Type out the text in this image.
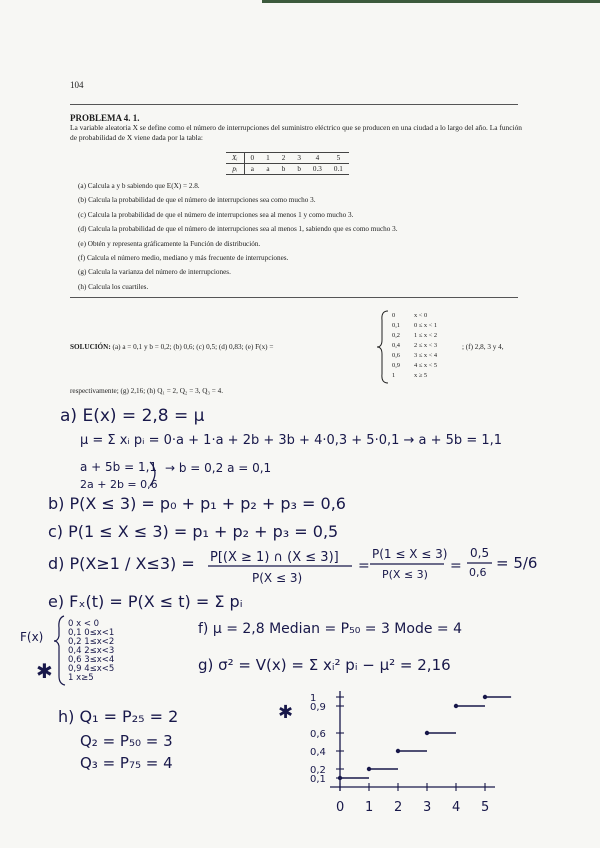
104
PROBLEMA 4. 1.
La variable aleatoria X se define como el número de interrupciones del suministro eléctrico que se producen en una ciudad a lo largo del año. La función de probabilidad de X viene dada por la tabla:
Xᵢ	0	1	2	3	4	5
pᵢ	a	a	b	b	0.3	0.1
(a) Calcula a y b sabiendo que E(X) = 2.8.
(b) Calcula la probabilidad de que el número de interrupciones sea como mucho 3.
(c) Calcula la probabilidad de que el número de interrupciones sea al menos 1 y como mucho 3.
(d) Calcula la probabilidad de que el número de interrupciones sea al menos 1, sabiendo que es como mucho 3.
(e) Obtén y representa gráficamente la Función de distribución.
(f) Calcula el número medio, mediano y más frecuente de interrupciones.
(g) Calcula la varianza del número de interrupciones.
(h) Calcula los cuartiles.
SOLUCIÓN: (a) a = 0,1 y b = 0,2; (b) 0,6; (c) 0,5; (d) 0,83; (e) F(x) =
0	x < 0
0,1 0 ≤ x < 1
0,2 1 ≤ x < 2
0,4 2 ≤ x < 3
0,6 3 ≤ x < 4
0,9 4 ≤ x < 5
1	x ≥ 5
; (f) 2,8, 3 y 4,
respectivamente; (g) 2,16; (h) Q₁ = 2, Q₂ = 3, Q₃ = 4.
a) E(x) = 2,8 = μ
μ = Σ xᵢ pᵢ = 0·a + 1·a + 2b + 3b + 4·0,3 + 5·0,1 → a + 5b = 1,1
a + 5b = 1,1
2a + 2b = 0,6
→ b = 0,2 a = 0,1
b) P(X ≤ 3) = p₀ + p₁ + p₂ + p₃ = 0,6
c) P(1 ≤ X ≤ 3) = p₁ + p₂ + p₃ = 0,5
d) P(X≥1 / X≤3) = P[(X ≥ 1) ∩ (X ≤ 3)]
P(X ≤ 3)
=
P(1 ≤ X ≤ 3)
P(X ≤ 3)
=
0,5
0,6
= 5/6
e) Fₓ(t) = P(X ≤ t) = Σ pᵢ
F(x)
0 x < 0
0,1 0≤x<1
0,2 1≤x<2
0,4 2≤x<3
0,6 3≤x<4
0,9 4≤x<5
1 x≥5
✱
f) μ = 2,8 Median = P₅₀ = 3 Mode = 4
g) σ² = V(x) = Σ xᵢ² pᵢ − μ² = 2,16
h) Q₁ = P₂₅ = 2
Q₂ = P₅₀ = 3
Q₃ = P₇₅ = 4
✱
0 1 2 3 4 5
1
0,9
0,6
0,4
0,2
0,1
